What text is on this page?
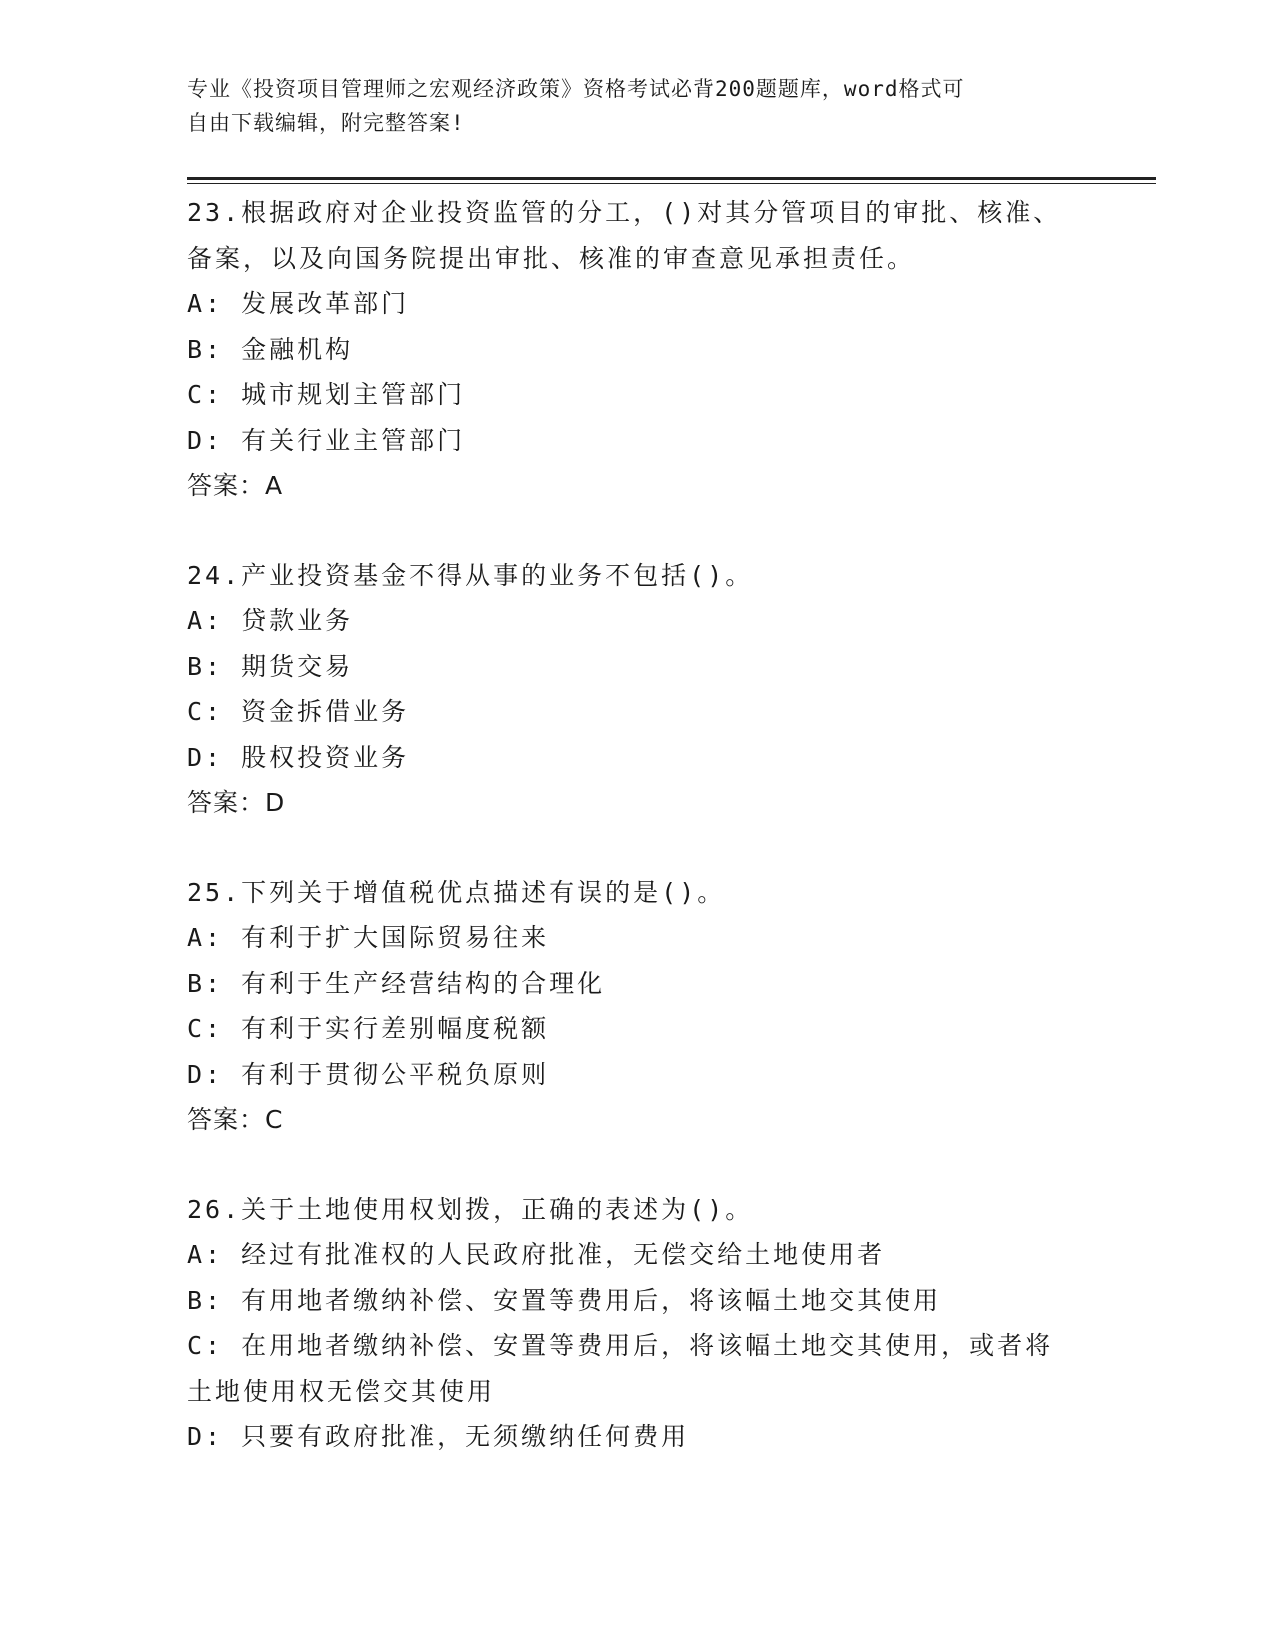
专业《投资项目管理师之宏观经济政策》资格考试必背200题题库，word格式可
自由下载编辑，附完整答案!
23.根据政府对企业投资监管的分工，()对其分管项目的审批、核准、
备案，以及向国务院提出审批、核准的审查意见承担责任。
A: 发展改革部门
B: 金融机构
C: 城市规划主管部门
D: 有关行业主管部门
答案：A
24.产业投资基金不得从事的业务不包括()。
A: 贷款业务
B: 期货交易
C: 资金拆借业务
D: 股权投资业务
答案：D
25.下列关于增值税优点描述有误的是()。
A: 有利于扩大国际贸易往来
B: 有利于生产经营结构的合理化
C: 有利于实行差别幅度税额
D: 有利于贯彻公平税负原则
答案：C
26.关于土地使用权划拨，正确的表述为()。
A: 经过有批准权的人民政府批准，无偿交给土地使用者
B: 有用地者缴纳补偿、安置等费用后，将该幅土地交其使用
C: 在用地者缴纳补偿、安置等费用后，将该幅土地交其使用，或者将
土地使用权无偿交其使用
D: 只要有政府批准，无须缴纳任何费用
